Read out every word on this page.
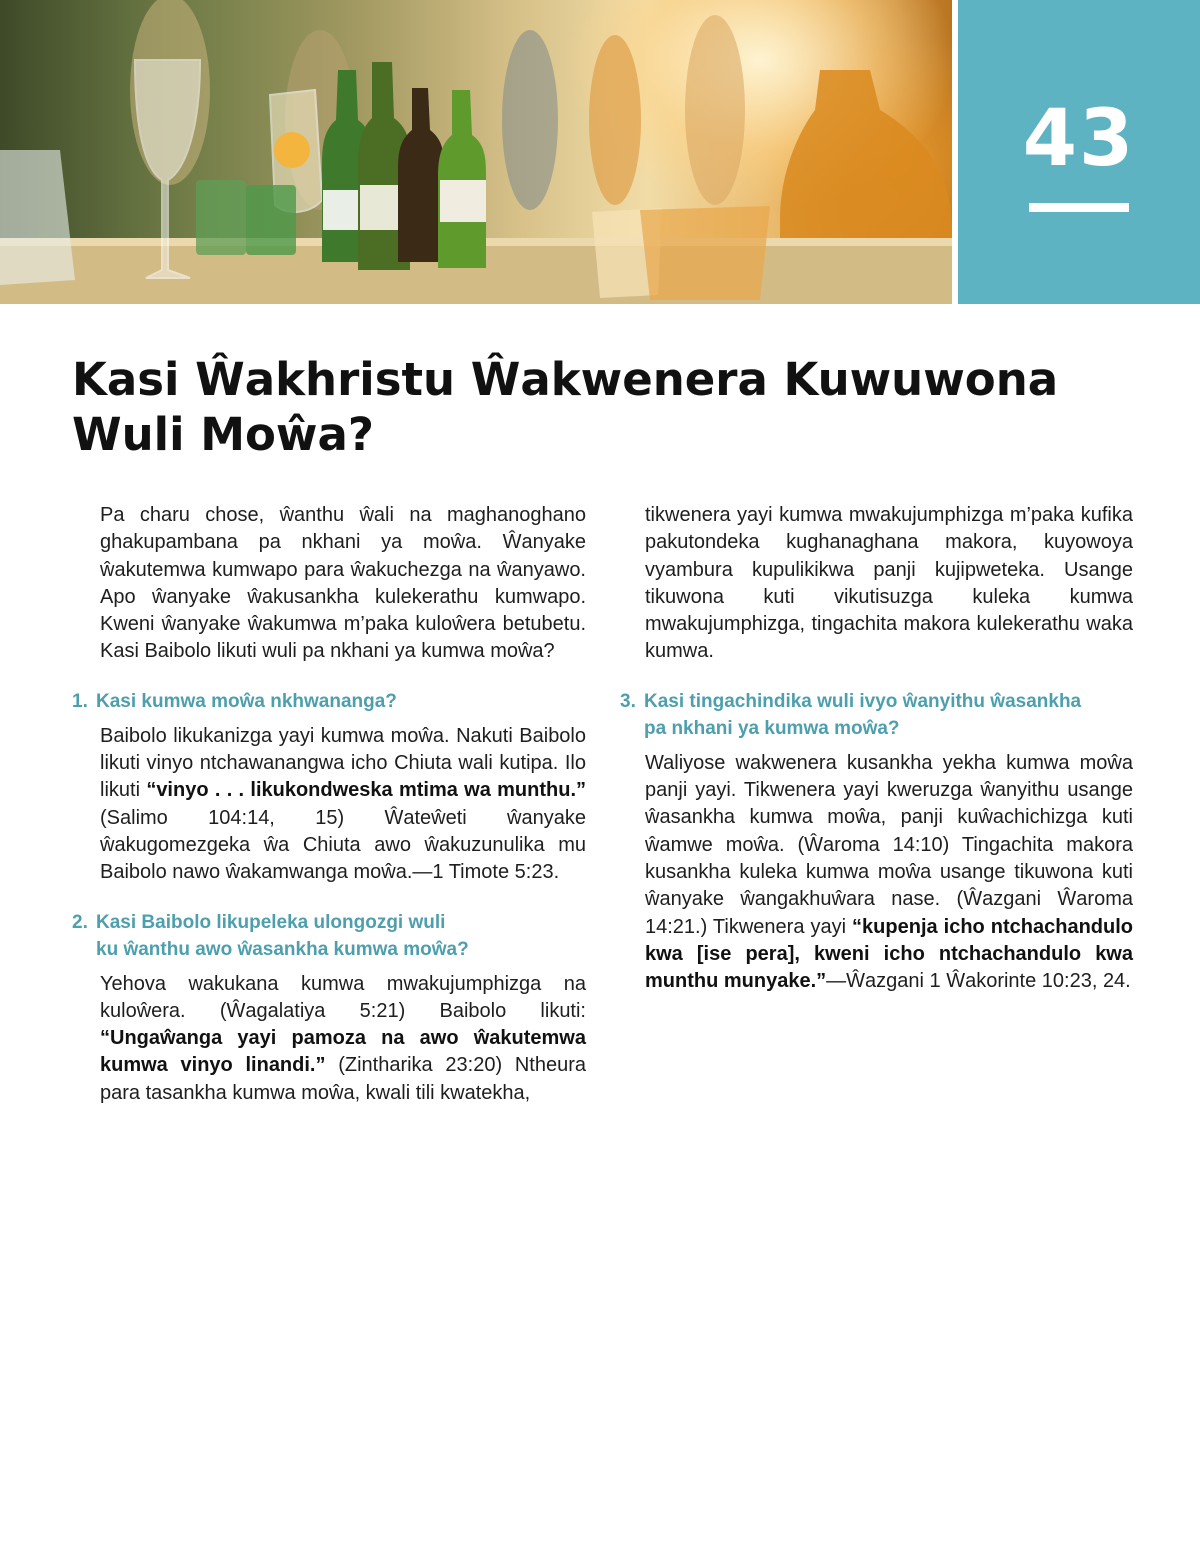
43
Kasi Ŵakhristu Ŵakwenera Kuwuwona
Wuli Moŵa?

Pa charu chose, ŵanthu ŵali na maghanoghano ghakupambana pa nkhani ya moŵa. Ŵanyake ŵakutemwa kumwapo para ŵakuchezga na ŵanyawo. Apo ŵanyake ŵakusankha kulekerathu kumwapo. Kweni ŵanyake ŵakumwa m’paka kuloŵera betubetu. Kasi Baibolo likuti wuli pa nkhani ya kumwa moŵa?

1. Kasi kumwa moŵa nkhwananga?

Baibolo likukanizga yayi kumwa moŵa. Nakuti Baibolo likuti vinyo ntchawanangwa icho Chiuta wali kutipa. Ilo likuti “vinyo . . . likukondweska mtima wa munthu.” (Salimo 104:14, 15) Ŵateŵeti ŵanyake ŵakugomezgeka ŵa Chiuta awo ŵakuzunulika mu Baibolo nawo ŵakamwanga moŵa.—1 Timote 5:23.

2. Kasi Baibolo likupeleka ulongozgi wuli
ku ŵanthu awo ŵasankha kumwa moŵa?

Yehova wakukana kumwa mwakujumphizga na kuloŵera. (Ŵagalatiya 5:21) Baibolo likuti: “Ungaŵanga yayi pamoza na awo ŵakutemwa kumwa vinyo linandi.” (Zintharika 23:20) Ntheura para tasankha kumwa moŵa, kwali tili kwatekha,

tikwenera yayi kumwa mwakujumphizga m’paka kufika pakutondeka kughanaghana makora, kuyowoya vyambura kupulikikwa panji kujipweteka. Usange tikuwona kuti vikutisuzga kuleka kumwa mwakujumphizga, tingachita makora kulekerathu waka kumwa.

3. Kasi tingachindika wuli ivyo ŵanyithu ŵasankha
pa nkhani ya kumwa moŵa?

Waliyose wakwenera kusankha yekha kumwa moŵa panji yayi. Tikwenera yayi kweruzga ŵanyithu usange ŵasankha kumwa moŵa, panji kuŵachichizga kuti ŵamwe moŵa. (Ŵaroma 14:10) Tingachita makora kusankha kuleka kumwa moŵa usange tikuwona kuti ŵanyake ŵangakhuŵara nase. (Ŵazgani Ŵaroma 14:21.) Tikwenera yayi “kupenja icho ntchachandulo kwa [ise pera], kweni icho ntchachandulo kwa munthu munyake.”—Ŵazgani 1 Ŵakorinte 10:23, 24.
